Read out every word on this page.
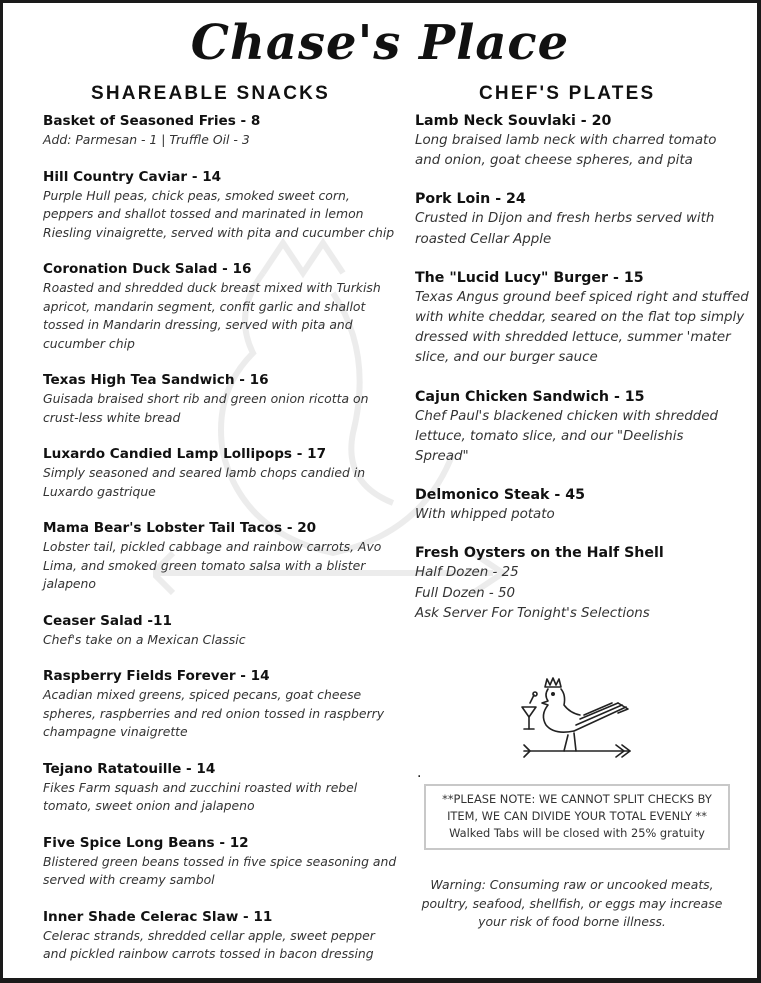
Chase's Place
SHAREABLE SNACKS	CHEF'S PLATES
Basket of Seasoned Fries - 8
Add: Parmesan - 1 | Truffle Oil - 3
Hill Country Caviar - 14
Purple Hull peas, chick peas, smoked sweet corn,
peppers and shallot tossed and marinated in lemon
Riesling vinaigrette, served with pita and cucumber chip
Coronation Duck Salad - 16
Roasted and shredded duck breast mixed with Turkish
apricot, mandarin segment, confit garlic and shallot
tossed in Mandarin dressing, served with pita and
cucumber chip
Texas High Tea Sandwich - 16
Guisada braised short rib and green onion ricotta on
crust-less white bread
Luxardo Candied Lamp Lollipops - 17
Simply seasoned and seared lamb chops candied in
Luxardo gastrique
Mama Bear's Lobster Tail Tacos - 20
Lobster tail, pickled cabbage and rainbow carrots, Avo
Lima, and smoked green tomato salsa with a blister
jalapeno
Ceaser Salad -11
Chef's take on a Mexican Classic
Raspberry Fields Forever - 14
Acadian mixed greens, spiced pecans, goat cheese
spheres, raspberries and red onion tossed in raspberry
champagne vinaigrette
Tejano Ratatouille - 14
Fikes Farm squash and zucchini roasted with rebel
tomato, sweet onion and jalapeno
Five Spice Long Beans - 12
Blistered green beans tossed in five spice seasoning and
served with creamy sambol
Inner Shade Celerac Slaw - 11
Celerac strands, shredded cellar apple, sweet pepper
and pickled rainbow carrots tossed in bacon dressing
Lamb Neck Souvlaki - 20
Long braised lamb neck with charred tomato
and onion, goat cheese spheres, and pita
Pork Loin - 24
Crusted in Dijon and fresh herbs served with
roasted Cellar Apple
The "Lucid Lucy" Burger - 15
Texas Angus ground beef spiced right and stuffed
with white cheddar, seared on the flat top simply
dressed with shredded lettuce, summer 'mater
slice, and our burger sauce
Cajun Chicken Sandwich - 15
Chef Paul's blackened chicken with shredded
lettuce, tomato slice, and our "Deelishis
Spread"
Delmonico Steak - 45
With whipped potato
Fresh Oysters on the Half Shell
Half Dozen - 25
Full Dozen - 50
Ask Server For Tonight's Selections
.
**PLEASE NOTE: WE CANNOT SPLIT CHECKS BY
ITEM, WE CAN DIVIDE YOUR TOTAL EVENLY **
Walked Tabs will be closed with 25% gratuity
Warning: Consuming raw or uncooked meats,
poultry, seafood, shellfish, or eggs may increase
your risk of food borne illness.
